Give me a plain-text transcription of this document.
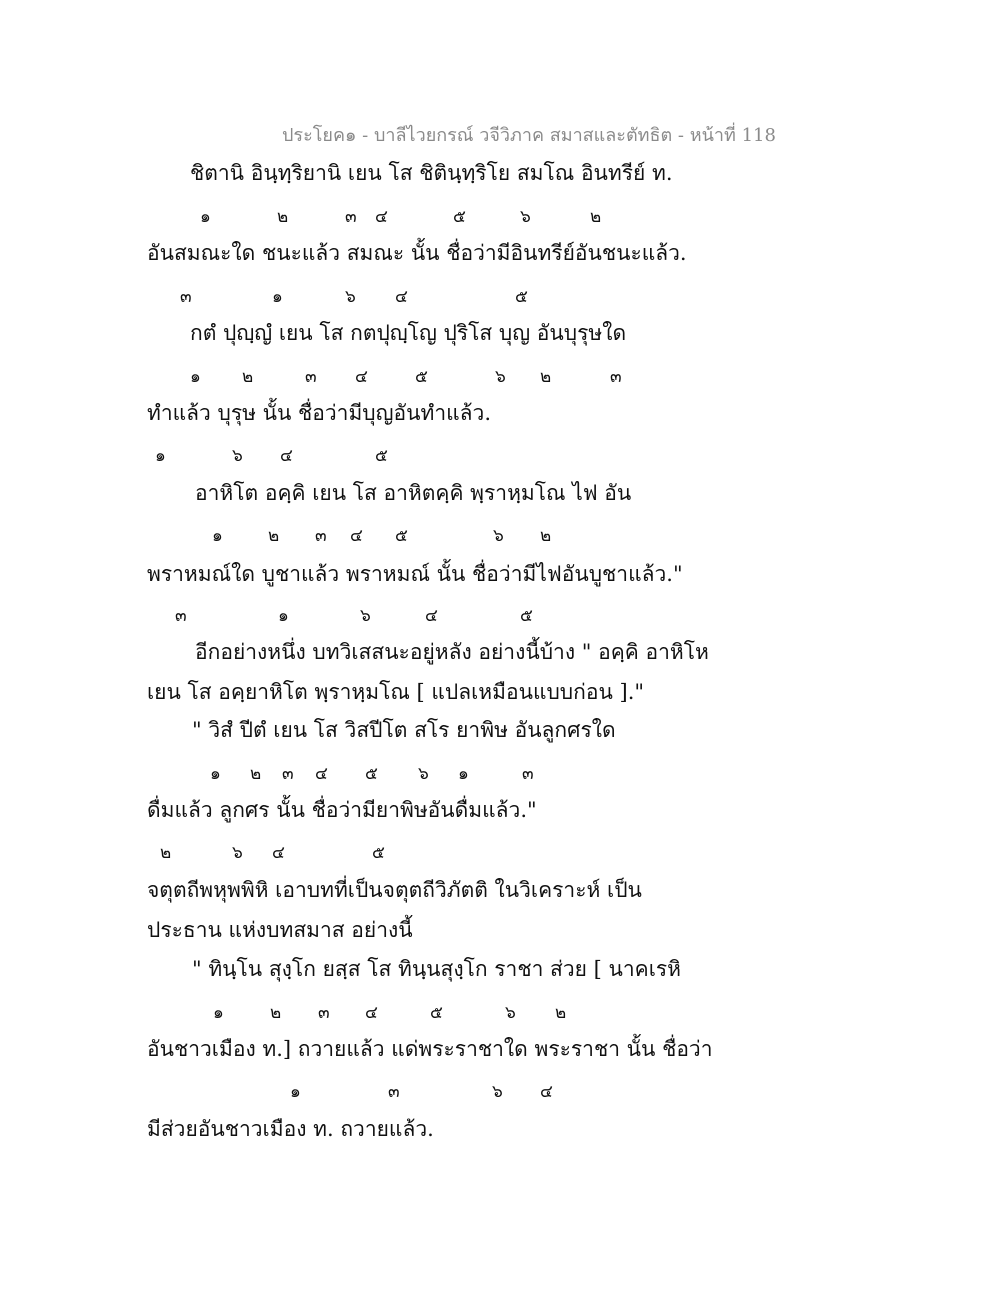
ประโยค๑ - บาลีไวยกรณ์ วจีวิภาค สมาสและตัทธิต - หน้าที่ 118
ชิตานิ อินฺทฺริยานิ เยน โส ชิตินฺทฺริโย สมโณ อินทรีย์ ท.
อันสมณะใด ชนะแล้ว สมณะ นั้น ชื่อว่ามีอินทรีย์อันชนะแล้ว.
กตํ ปุญฺญํ เยน โส กตปุญฺโญ ปุริโส บุญ อันบุรุษใด
ทำแล้ว บุรุษ นั้น ชื่อว่ามีบุญอันทำแล้ว.
อาหิโต อคฺคิ เยน โส อาหิตคฺคิ พฺราหฺมโณ ไฟ อัน
พราหมณ์ใด บูชาแล้ว พราหมณ์ นั้น ชื่อว่ามีไฟอันบูชาแล้ว."
อีกอย่างหนึ่ง บทวิเสสนะอยู่หลัง อย่างนี้บ้าง " อคฺคิ อาหิโห
เยน โส อคฺยาหิโต พฺราหฺมโณ [ แปลเหมือนแบบก่อน ]."
" วิสํ ปีตํ เยน โส วิสปีโต สโร ยาพิษ อันลูกศรใด
ดื่มแล้ว ลูกศร นั้น ชื่อว่ามียาพิษอันดื่มแล้ว."
จตุตถีพหุพพิหิ เอาบทที่เป็นจตุตถีวิภัตติ ในวิเคราะห์ เป็น
ประธาน แห่งบทสมาส อย่างนี้
" ทินฺโน สุงฺโก ยสฺส โส ทินฺนสุงฺโก ราชา ส่วย [ นาคเรหิ
อันชาวเมือง ท.] ถวายแล้ว แด่พระราชาใด พระราชา นั้น ชื่อว่า
มีส่วยอันชาวเมือง ท. ถวายแล้ว.
๑	๒	๓ ๔	๕	๖	๒
๓	๑	๖ ๔	๕
๑ ๒	๓ ๔	๕	๖ ๒	๓
๑	๖ ๔	๕
๑	๒ ๓ ๔ ๕	๖ ๒
๓	๑	๖	๔	๕
๑ ๒ ๓ ๔ ๕ ๖ ๑	๓
๒	๖ ๔	๕
๑	๒ ๓ ๔	๕	๖ ๒
๑	๓	๖ ๔
